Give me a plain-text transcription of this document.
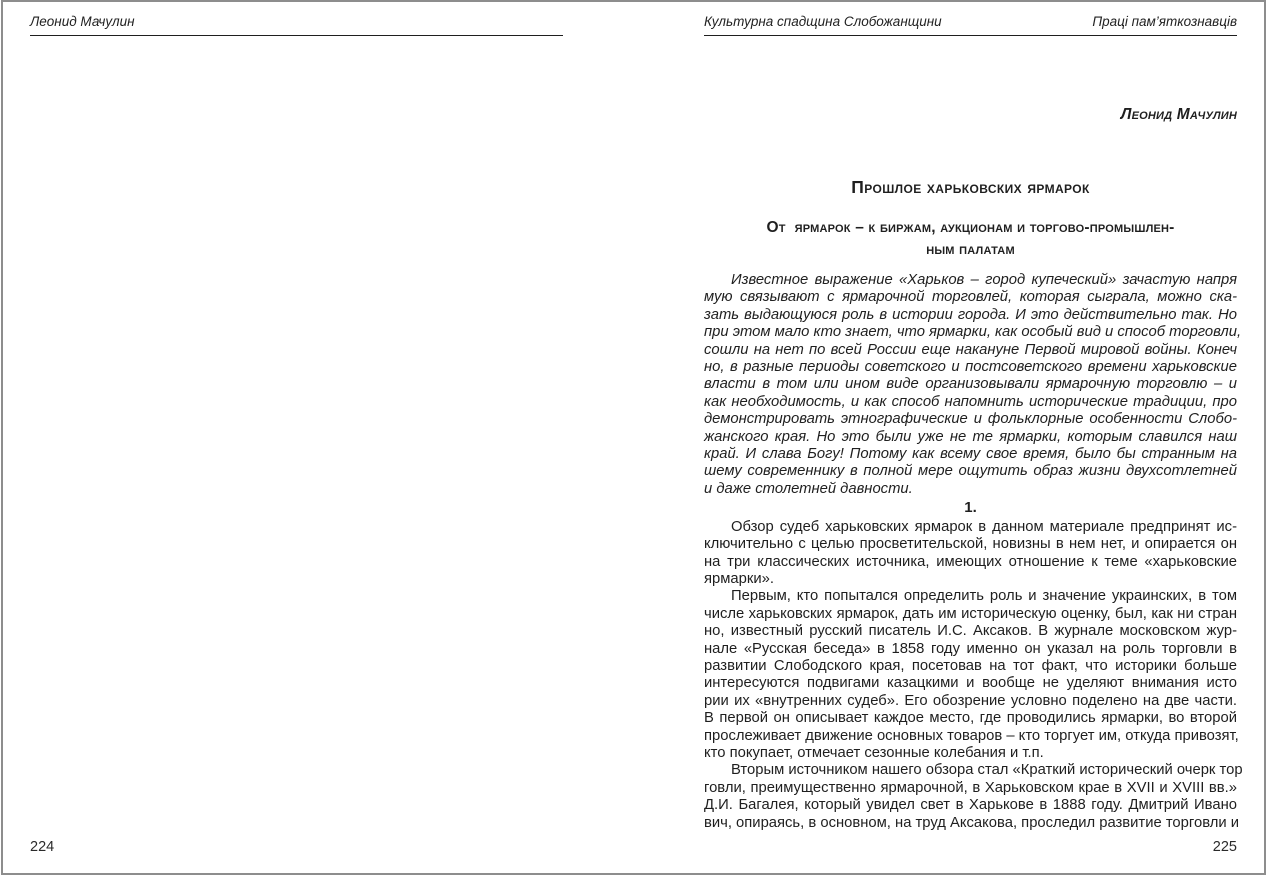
Леонид Мачулин
224
Культурна спадщина Слобожанщини	Праці пам’яткознавців
Леонид Мачулин
Прошлое харьковских ярмарок
От  ярмарок – к биржам, аукционам и торгово-промышлен-
ным палатам
Известное выражение «Харьков – город купеческий» зачастую напря
мую связывают с ярмарочной торговлей, которая сыграла, можно ска-
зать выдающуюся роль в истории города. И это действительно так. Но
при этом мало кто знает, что ярмарки, как особый вид и способ торговли,
сошли на нет по всей России еще накануне Первой мировой войны. Конеч
но, в разные периоды советского и постсоветского времени харьковские
власти в том или ином виде организовывали ярмарочную торговлю – и
как необходимость, и как способ напомнить исторические традиции, про
демонстрировать этнографические и фольклорные особенности Слобо-
жанского края. Но это были уже не те ярмарки, которым славился наш
край. И слава Богу! Потому как всему свое время, было бы странным на
шему современнику в полной мере ощутить образ жизни двухсотлетней
и даже столетней давности.
1.
Обзор судеб харьковских ярмарок в данном материале предпринят ис-
ключительно с целью просветительской, новизны в нем нет, и опирается он
на три классических источника, имеющих отношение к теме «харьковские
ярмарки».
Первым, кто попытался определить роль и значение украинских, в том
числе харьковских ярмарок, дать им историческую оценку, был, как ни стран
но, известный русский писатель И.С. Аксаков. В журнале московском жур-
нале «Русская беседа» в 1858 году именно он указал на роль торговли в
развитии Слободского края, посетовав на тот факт, что историки больше
интересуются подвигами казацкими и вообще не уделяют внимания исто
рии их «внутренних судеб». Его обозрение условно поделено на две части.
В первой он описывает каждое место, где проводились ярмарки, во второй
прослеживает движение основных товаров – кто торгует им, откуда привозят,
кто покупает, отмечает сезонные колебания и т.п.
Вторым источником нашего обзора стал «Краткий исторический очерк тор
говли, преимущественно ярмарочной, в Харьковском крае в XVII и XVIII вв.»
Д.И. Багалея, который увидел свет в Харькове в 1888 году. Дмитрий Ивано
вич, опираясь, в основном, на труд Аксакова, проследил развитие торговли и
225
